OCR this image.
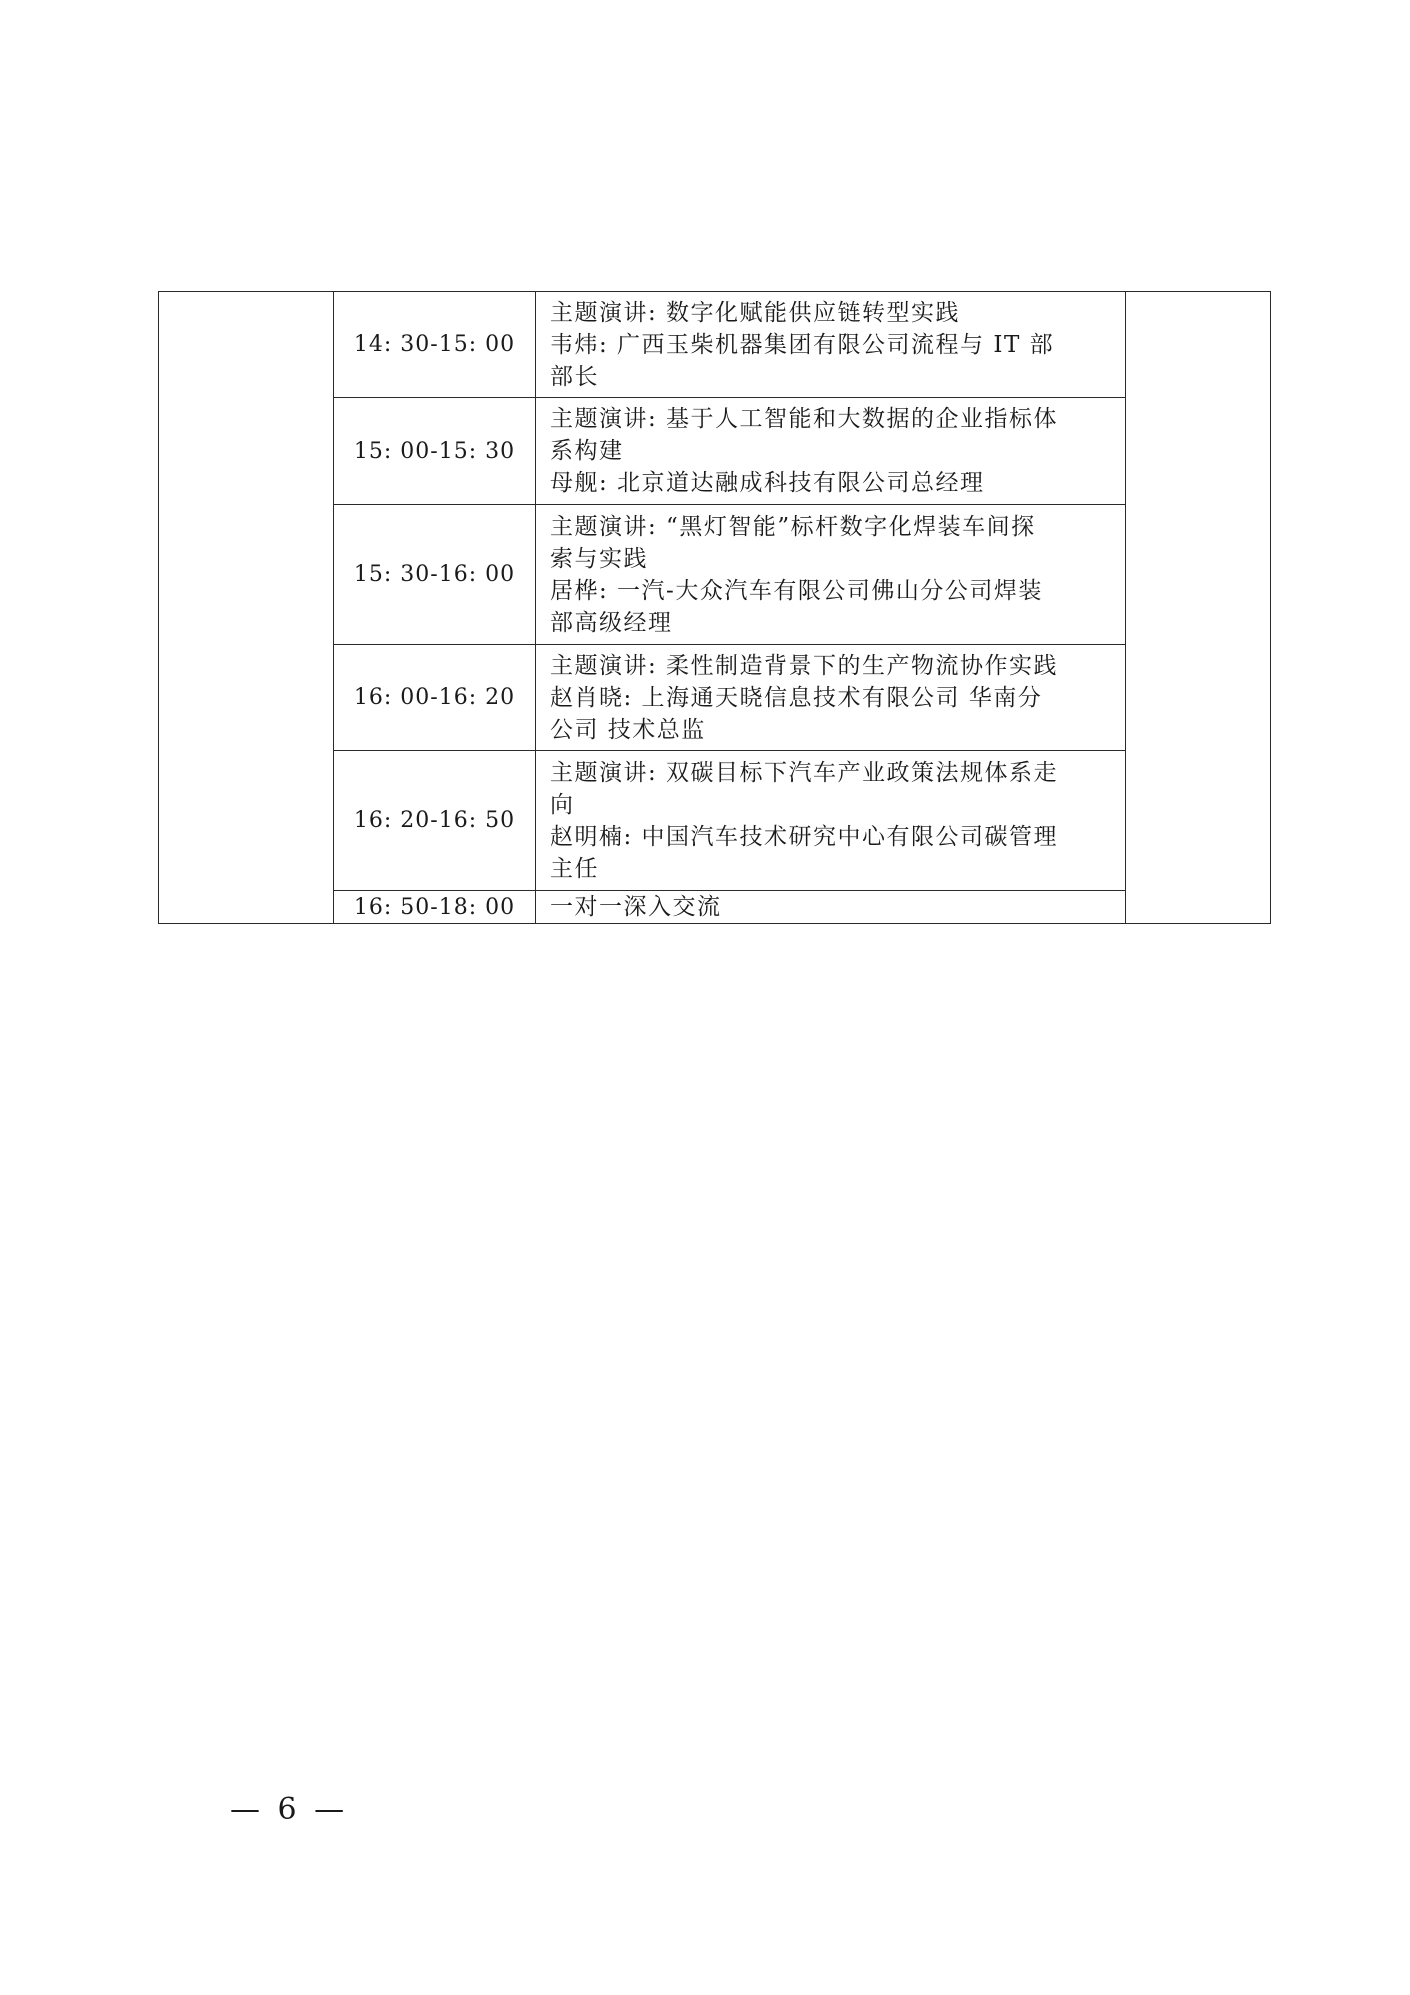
	14: 30-15: 00	主题演讲: 数字化赋能供应链转型实践
韦炜: 广西玉柴机器集团有限公司流程与 IT 部
部长	

	15: 00-15: 30	主题演讲: 基于人工智能和大数据的企业指标体
系构建
母舰: 北京道达融成科技有限公司总经理	

	15: 30-16: 00	主题演讲: “黑灯智能”标杆数字化焊装车间探
索与实践
居桦: 一汽-大众汽车有限公司佛山分公司焊装
部高级经理	

	16: 00-16: 20	主题演讲: 柔性制造背景下的生产物流协作实践
赵肖晓: 上海通天晓信息技术有限公司 华南分
公司 技术总监	

	16: 20-16: 50	主题演讲: 双碳目标下汽车产业政策法规体系走
向
赵明楠: 中国汽车技术研究中心有限公司碳管理
主任	

	16: 50-18: 00	一对一深入交流	
— 6 —
